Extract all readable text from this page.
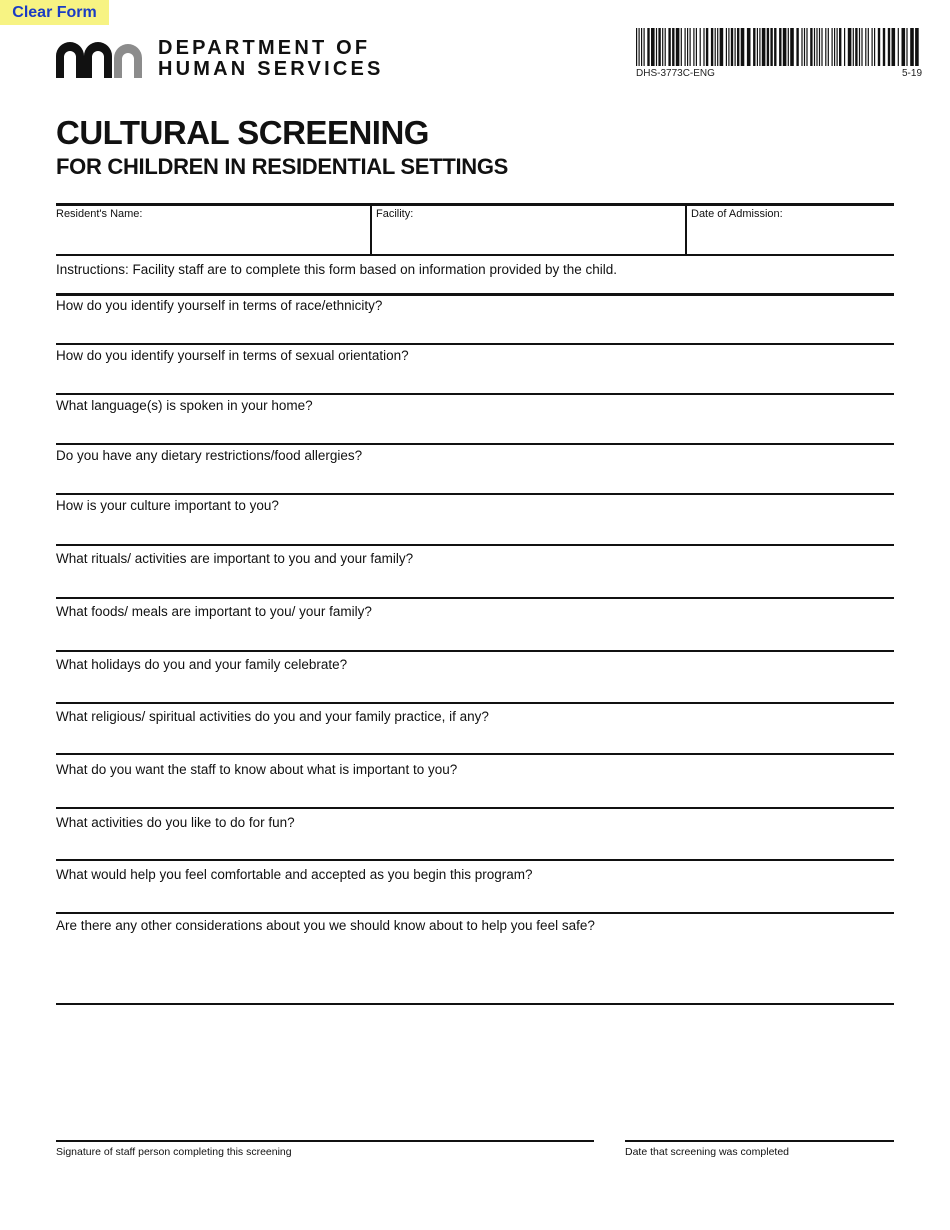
Clear Form
DEPARTMENT OF
HUMAN SERVICES	DHS-3773C-ENG	5-19
CULTURAL SCREENING
FOR CHILDREN IN RESIDENTIAL SETTINGS
Resident's Name:	Facility:	Date of Admission:
Instructions: Facility staff are to complete this form based on information provided by the child.
How do you identify yourself in terms of race/ethnicity?
How do you identify yourself in terms of sexual orientation?
What language(s) is spoken in your home?
Do you have any dietary restrictions/food allergies?
How is your culture important to you?
What rituals/ activities are important to you and your family?
What foods/ meals are important to you/ your family?
What holidays do you and your family celebrate?
What religious/ spiritual activities do you and your family practice, if any?
What do you want the staff to know about what is important to you?
What activities do you like to do for fun?
What would help you feel comfortable and accepted as you begin this program?
Are there any other considerations about you we should know about to help you feel safe?
Signature of staff person completing this screening	Date that screening was completed
